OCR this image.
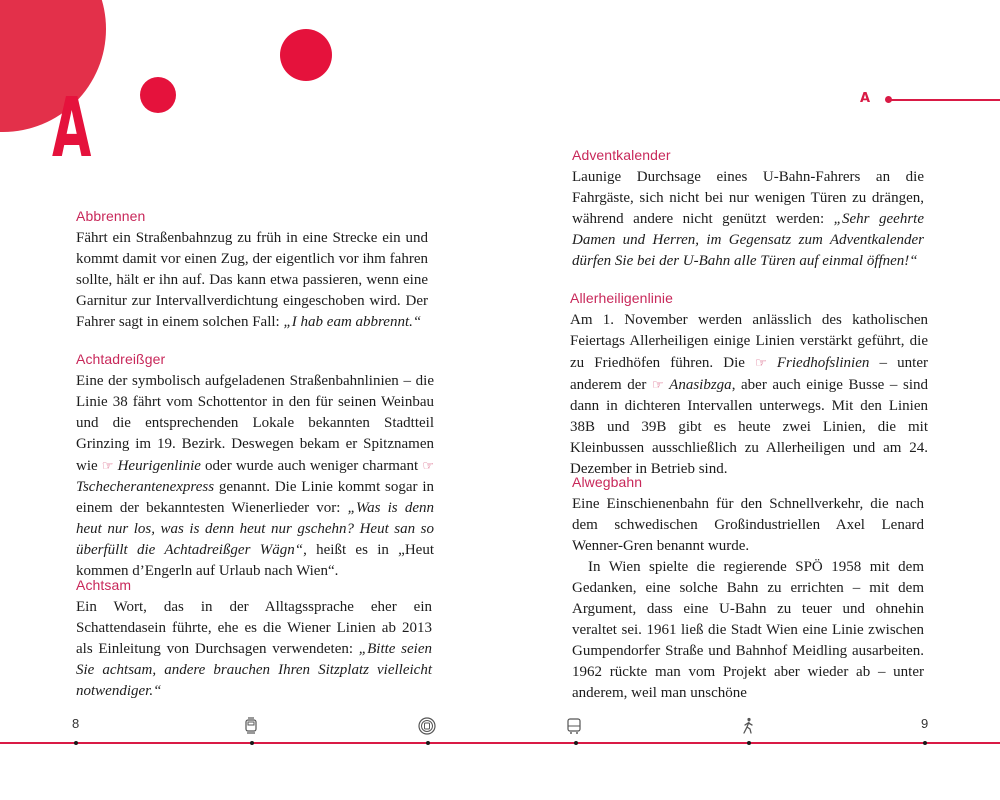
A
Abbrennen

Fährt ein Straßenbahnzug zu früh in eine Strecke ein und kommt damit vor einen Zug, der eigentlich vor ihm fahren sollte, hält er ihn auf. Das kann etwa passieren, wenn eine Garnitur zur Intervallverdichtung eingeschoben wird. Der Fahrer sagt in einem solchen Fall: „I hab eam abbrennt.“

Achtadreißger

Eine der symbolisch aufgeladenen Straßenbahnlinien – die Linie 38 fährt vom Schottentor in den für seinen Weinbau und die entsprechenden Lokale bekannten Stadtteil Grinzing im 19. Bezirk. Deswegen bekam er Spitznamen wie ☞ Heurigenlinie oder wurde auch weniger charmant ☞ Tschecherantenexpress genannt. Die Linie kommt sogar in einem der bekanntesten Wienerlieder vor: „Was is denn heut nur los, was is denn heut nur gschehn? Heut san so überfüllt die Achtadreißger Wägn“, heißt es in „Heut kommen d’Engerln auf Urlaub nach Wien“.

Achtsam

Ein Wort, das in der Alltagssprache eher ein Schattendasein führte, ehe es die Wiener Linien ab 2013 als Einleitung von Durchsagen verwendeten: „Bitte seien Sie achtsam, andere brauchen Ihren Sitzplatz vielleicht notwendiger.“

8
A
Adventkalender

Launige Durchsage eines U-Bahn-Fahrers an die Fahrgäste, sich nicht bei nur wenigen Türen zu drängen, während andere nicht genützt werden: „Sehr geehrte Damen und Herren, im Gegensatz zum Adventkalender dürfen Sie bei der U-Bahn alle Türen auf einmal öffnen!“

Allerheiligenlinie

Am 1. November werden anlässlich des katholischen Feiertags Allerheiligen einige Linien verstärkt geführt, die zu Friedhöfen führen. Die ☞ Friedhofslinien – unter anderem der ☞ Anasibzga, aber auch einige Busse – sind dann in dichteren Intervallen unterwegs. Mit den Linien 38B und 39B gibt es heute zwei Linien, die mit Kleinbussen ausschließlich zu Allerheiligen und am 24. Dezember in Betrieb sind.

Alwegbahn

Eine Einschienenbahn für den Schnellverkehr, die nach dem schwedischen Großindustriellen Axel Lenard Wenner-Gren benannt wurde.

In Wien spielte die regierende SPÖ 1958 mit dem Gedanken, eine solche Bahn zu errichten – mit dem Argument, dass eine U-Bahn zu teuer und ohnehin veraltet sei. 1961 ließ die Stadt Wien eine Linie zwischen Gumpendorfer Straße und Bahnhof Meidling ausarbeiten. 1962 rückte man vom Projekt aber wieder ab – unter anderem, weil man unschöne

9
